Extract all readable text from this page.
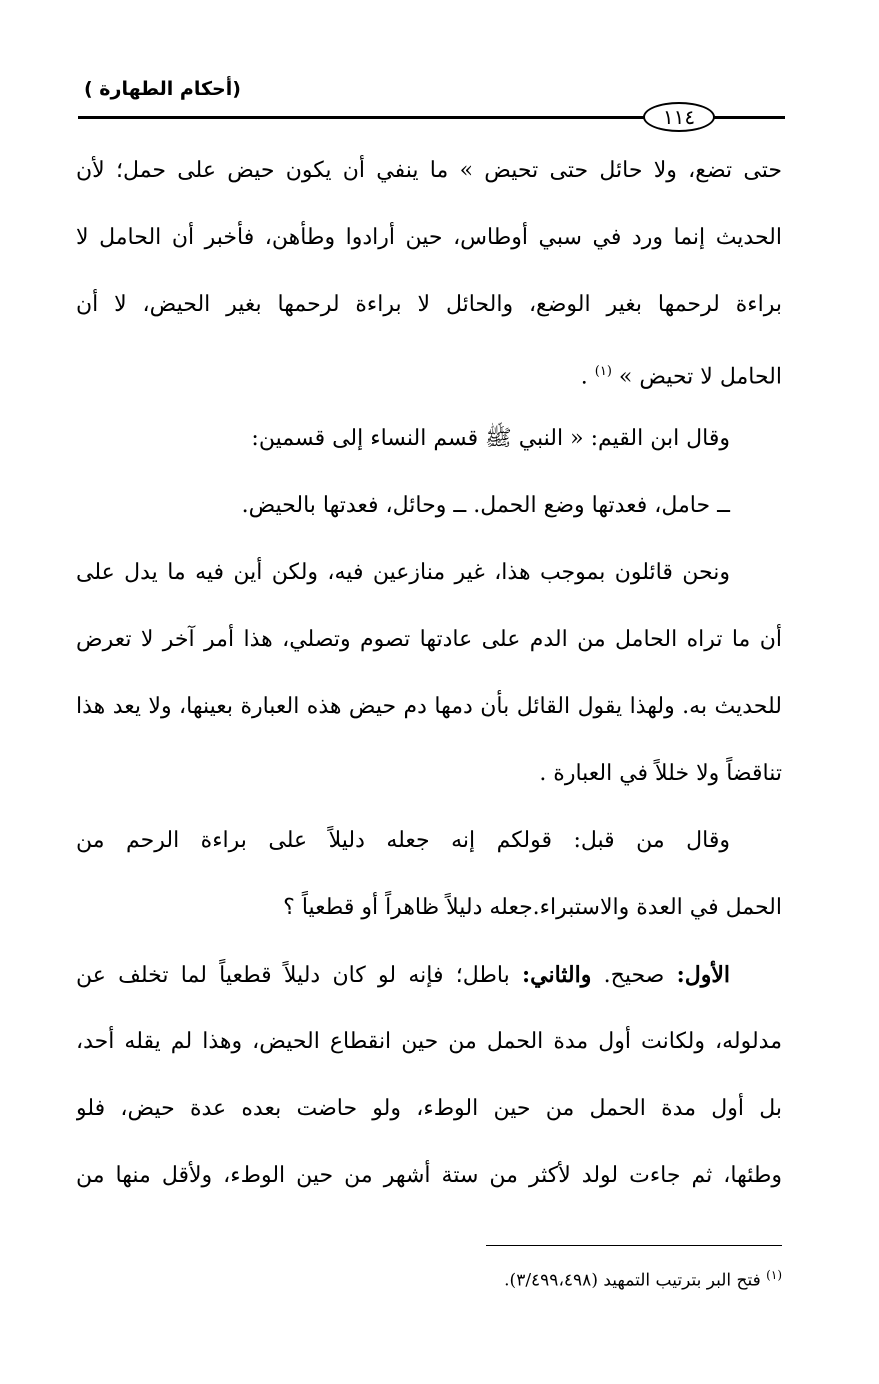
(أحكام الطهارة )
١١٤
حتى تضع، ولا حائل حتى تحيض » ما ينفي أن يكون حيض على حمل؛ لأن
الحديث إنما ورد في سبي أوطاس، حين أرادوا وطأهن، فأخبر أن الحامل لا
براءة لرحمها بغير الوضع، والحائل لا براءة لرحمها بغير الحيض، لا أن
الحامل لا تحيض » $^{(١)}$ .
وقال ابن القيم: « النبي ﷺ قسم النساء إلى قسمين:
ــ حامل، فعدتها وضع الحمل. ــ وحائل، فعدتها بالحيض.
ونحن قائلون بموجب هذا، غير منازعين فيه، ولكن أين فيه ما يدل على
أن ما تراه الحامل من الدم على عادتها تصوم وتصلي، هذا أمر آخر لا تعرض
للحديث به. ولهذا يقول القائل بأن دمها دم حيض هذه العبارة بعينها، ولا يعد هذا
تناقضاً ولا خللاً في العبارة .
وقال من قبل: قولكم إنه جعله دليلاً على براءة الرحم من
الحمل في العدة والاستبراء.جعله دليلاً ظاهراً أو قطعياً ؟
الأول: صحيح. والثاني: باطل؛ فإنه لو كان دليلاً قطعياً لما تخلف عن
مدلوله، ولكانت أول مدة الحمل من حين انقطاع الحيض، وهذا لم يقله أحد،
بل أول مدة الحمل من حين الوطء، ولو حاضت بعده عدة حيض، فلو
وطئها، ثم جاءت لولد لأكثر من ستة أشهر من حين الوطء، ولأقل منها من
$^{(١)}$ فتح البر بترتيب التمهيد (٣/٤٩٩،٤٩٨).
